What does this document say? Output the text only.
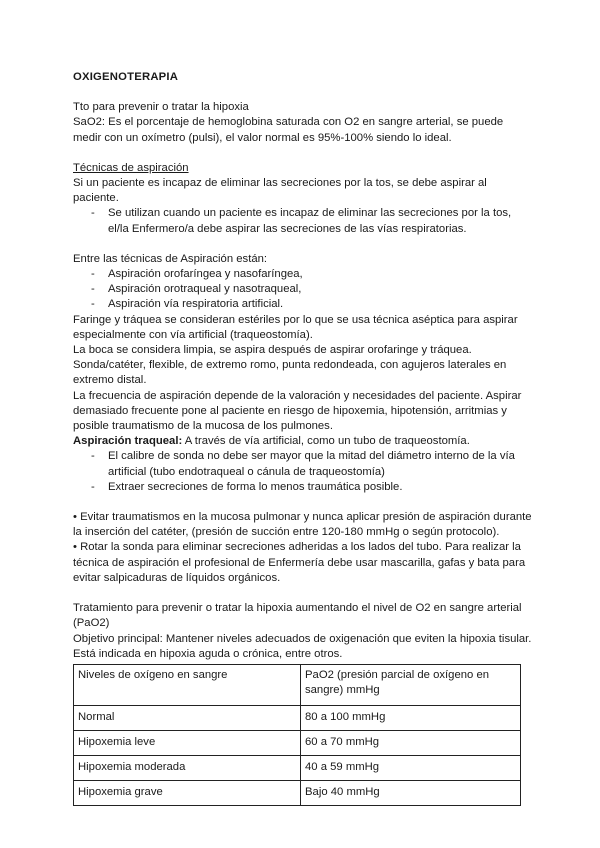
OXIGENOTERAPIA

Tto para prevenir o tratar la hipoxia

SaO2: Es el porcentaje de hemoglobina saturada con O2 en sangre arterial, se puede medir con un oxímetro (pulsi), el valor normal es 95%-100% siendo lo ideal.

Técnicas de aspiración

Si un paciente es incapaz de eliminar las secreciones por la tos, se debe aspirar al paciente.

- Se utilizan cuando un paciente es incapaz de eliminar las secreciones por la tos, el/la Enfermero/a debe aspirar las secreciones de las vías respiratorias.

Entre las técnicas de Aspiración están:

- Aspiración orofaríngea y nasofaríngea,
- Aspiración orotraqueal y nasotraqueal,
- Aspiración vía respiratoria artificial.

Faringe y tráquea se consideran estériles por lo que se usa técnica aséptica para aspirar especialmente con vía artificial (traqueostomía).

La boca se considera limpia, se aspira después de aspirar orofaringe y tráquea.

Sonda/catéter, flexible, de extremo romo, punta redondeada, con agujeros laterales en extremo distal.

La frecuencia de aspiración depende de la valoración y necesidades del paciente. Aspirar demasiado frecuente pone al paciente en riesgo de hipoxemia, hipotensión, arritmias y posible traumatismo de la mucosa de los pulmones.

Aspiración traqueal: A través de vía artificial, como un tubo de traqueostomía.

- El calibre de sonda no debe ser mayor que la mitad del diámetro interno de la vía artificial (tubo endotraqueal o cánula de traqueostomía)
- Extraer secreciones de forma lo menos traumática posible.

• Evitar traumatismos en la mucosa pulmonar y nunca aplicar presión de aspiración durante la inserción del catéter, (presión de succión entre 120-180 mmHg o según protocolo).

• Rotar la sonda para eliminar secreciones adheridas a los lados del tubo. Para realizar la técnica de aspiración el profesional de Enfermería debe usar mascarilla, gafas y bata para evitar salpicaduras de líquidos orgánicos.

Tratamiento para prevenir o tratar la hipoxia aumentando el nivel de O2 en sangre arterial (PaO2)

Objetivo principal: Mantener niveles adecuados de oxigenación que eviten la hipoxia tisular.

Está indicada en hipoxia aguda o crónica, entre otros.

Niveles de oxígeno en sangre	PaO2 (presión parcial de oxígeno en sangre) mmHg
Normal	80 a 100 mmHg
Hipoxemia leve	60 a 70 mmHg
Hipoxemia moderada	40 a 59 mmHg
Hipoxemia grave	Bajo 40 mmHg
